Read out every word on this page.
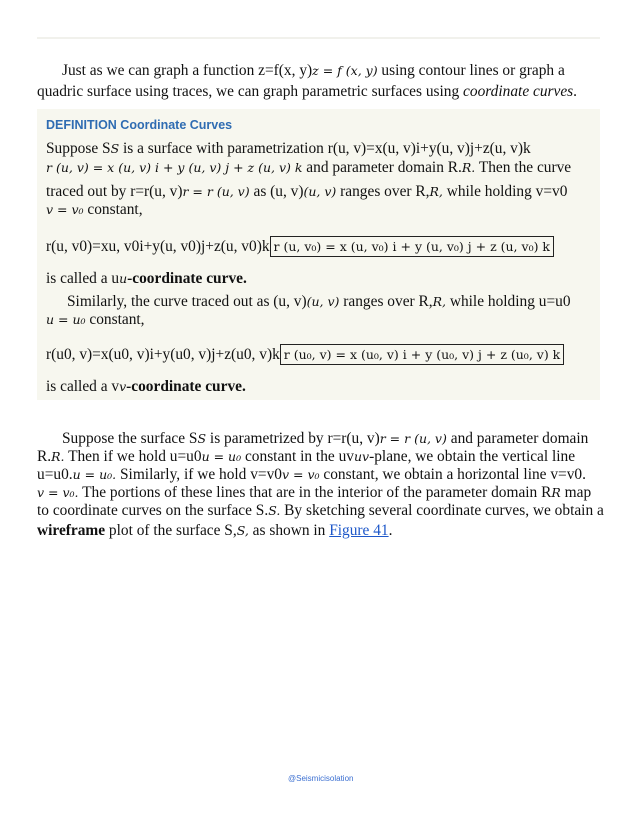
Just as we can graph a function z=f(x, y)z = f (x, y) using contour lines or graph a
quadric surface using traces, we can graph parametric surfaces using coordinate curves.
DEFINITION Coordinate Curves
Suppose SS is a surface with parametrization r(u, v)=x(u, v)i+y(u, v)j+z(u, v)k
r (u, v) = x (u, v) i + y (u, v) j + z (u, v) k and parameter domain R.R. Then the curve
traced out by r=r(u, v)r = r (u, v) as (u, v)(u, v) ranges over R,R, while holding v=v0
v = v₀ constant,
r(u, v0)=xu, v0i+y(u, v0)j+z(u, v0)k r (u, v₀) = x (u, v₀) i + y (u, v₀) j + z (u, v₀) k
is called a uu-coordinate curve.
Similarly, the curve traced out as (u, v)(u, v) ranges over R,R, while holding u=u0
u = u₀ constant,
r(u0, v)=x(u0, v)i+y(u0, v)j+z(u0, v)k r (u₀, v) = x (u₀, v) i + y (u₀, v) j + z (u₀, v) k
is called a vv-coordinate curve.
Suppose the surface SS is parametrized by r=r(u, v)r = r (u, v) and parameter domain
R.R. Then if we hold u=u0u = u₀ constant in the uvuv-plane, we obtain the vertical line
u=u0.u = u₀. Similarly, if we hold v=v0v = v₀ constant, we obtain a horizontal line v=v0.
v = v₀. The portions of these lines that are in the interior of the parameter domain RR map
to coordinate curves on the surface S.S. By sketching several coordinate curves, we obtain a
wireframe plot of the surface S,S, as shown in Figure 41.
@Seismicisolation
